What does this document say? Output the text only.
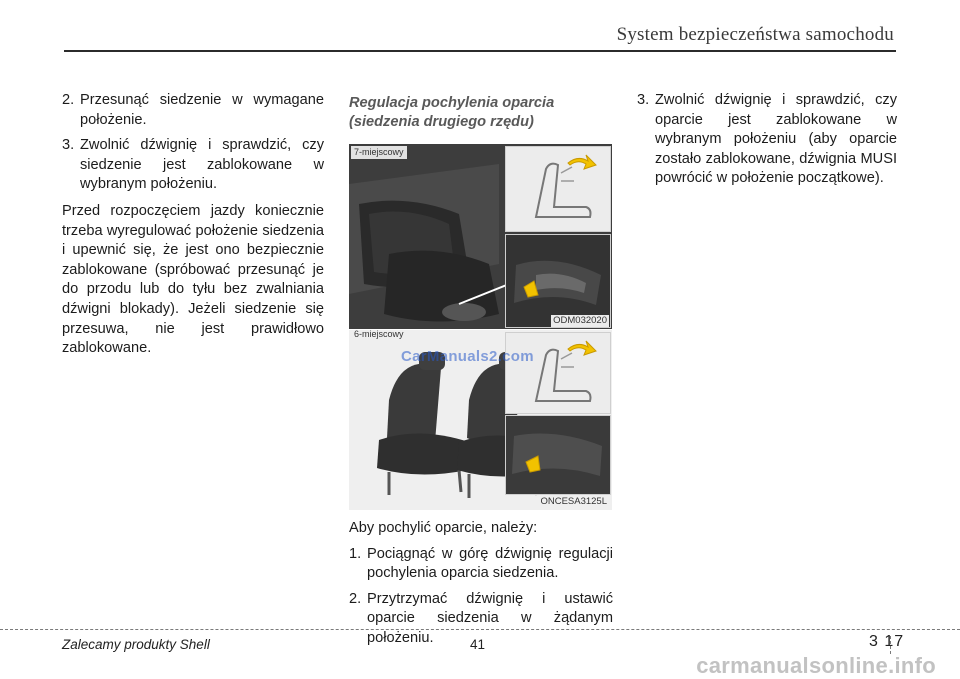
System bezpieczeństwa samochodu
2. Przesunąć siedzenie w wymagane położenie.
3. Zwolnić dźwignię i sprawdzić, czy siedzenie jest zablokowane w wybranym położeniu.

Przed rozpoczęciem jazdy koniecznie trzeba wyregulować położenie siedzenia i upewnić się, że jest ono bezpiecznie zablokowane (spróbować przesunąć je do przodu lub do tyłu bez zwalniania dźwigni blokady). Jeżeli siedzenie się przesuwa, nie jest prawidłowo zablokowane.

Regulacja pochylenia oparcia (siedzenia drugiego rzędu)

7-miejscowy
ODM032020
6-miejscowy
CarManuals2.com
ONCESA3125L

Aby pochylić oparcie, należy:

1. Pociągnąć w górę dźwignię regulacji pochylenia oparcia siedzenia.
2. Przytrzymać dźwignię i ustawić oparcie siedzenia w żądanym położeniu.
3. Zwolnić dźwignię i sprawdzić, czy oparcie jest zablokowane w wybranym położeniu (aby oparcie zostało zablokowane, dźwignia MUSI powrócić w położenie początkowe).
Zalecamy produkty Shell	41	3 17
carmanualsonline.info
